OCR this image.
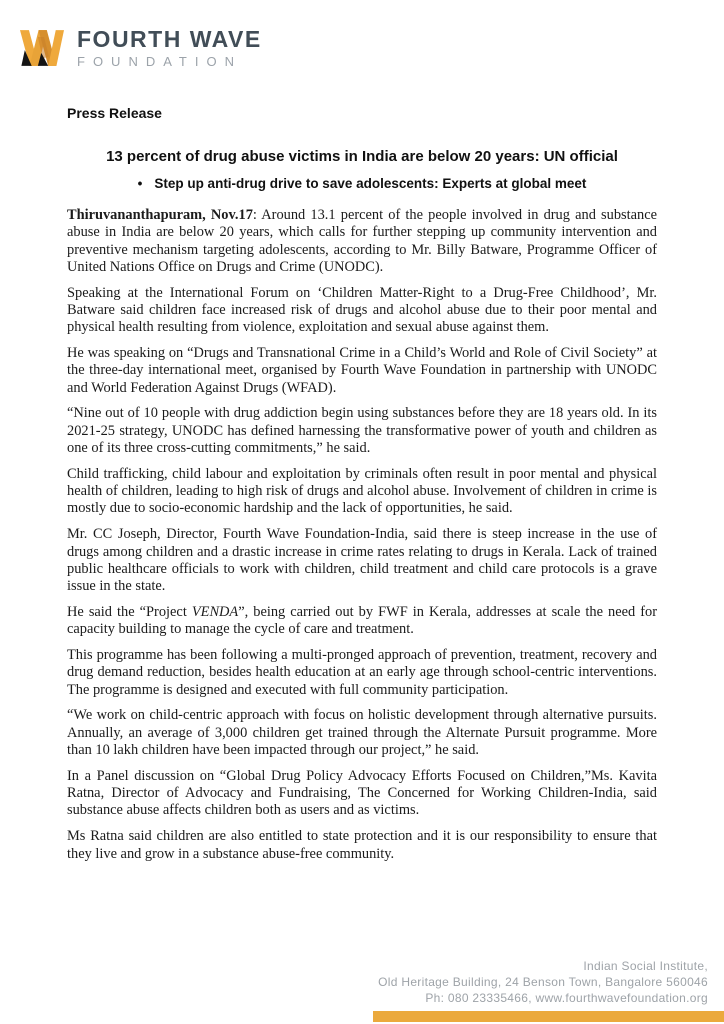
FOURTH WAVE
FOUNDATION
Press Release
13 percent of drug abuse victims in India are below 20 years: UN official
• Step up anti-drug drive to save adolescents: Experts at global meet

Thiruvananthapuram, Nov.17: Around 13.1 percent of the people involved in drug and substance abuse in India are below 20 years, which calls for further stepping up community intervention and preventive mechanism targeting adolescents, according to Mr. Billy Batware, Programme Officer of United Nations Office on Drugs and Crime (UNODC).

Speaking at the International Forum on ‘Children Matter-Right to a Drug-Free Childhood’, Mr. Batware said children face increased risk of drugs and alcohol abuse due to their poor mental and physical health resulting from violence, exploitation and sexual abuse against them.

He was speaking on “Drugs and Transnational Crime in a Child’s World and Role of Civil Society” at the three-day international meet, organised by Fourth Wave Foundation in partnership with UNODC and World Federation Against Drugs (WFAD).

“Nine out of 10 people with drug addiction begin using substances before they are 18 years old. In its 2021-25 strategy, UNODC has defined harnessing the transformative power of youth and children as one of its three cross-cutting commitments,” he said.

Child trafficking, child labour and exploitation by criminals often result in poor mental and physical health of children, leading to high risk of drugs and alcohol abuse. Involvement of children in crime is mostly due to socio-economic hardship and the lack of opportunities, he said.

Mr. CC Joseph, Director, Fourth Wave Foundation-India, said there is steep increase in the use of drugs among children and a drastic increase in crime rates relating to drugs in Kerala. Lack of trained public healthcare officials to work with children, child treatment and child care protocols is a grave issue in the state.

He said the “Project VENDA”, being carried out by FWF in Kerala, addresses at scale the need for capacity building to manage the cycle of care and treatment.

This programme has been following a multi-pronged approach of prevention, treatment, recovery and drug demand reduction, besides health education at an early age through school-centric interventions. The programme is designed and executed with full community participation.

“We work on child-centric approach with focus on holistic development through alternative pursuits. Annually, an average of 3,000 children get trained through the Alternate Pursuit programme. More than 10 lakh children have been impacted through our project,” he said.

In a Panel discussion on “Global Drug Policy Advocacy Efforts Focused on Children,”Ms. Kavita Ratna, Director of Advocacy and Fundraising, The Concerned for Working Children-India, said substance abuse affects children both as users and as victims.

Ms Ratna said children are also entitled to state protection and it is our responsibility to ensure that they live and grow in a substance abuse-free community.

Indian Social Institute,
Old Heritage Building, 24 Benson Town, Bangalore 560046
Ph: 080 23335466, www.fourthwavefoundation.org
